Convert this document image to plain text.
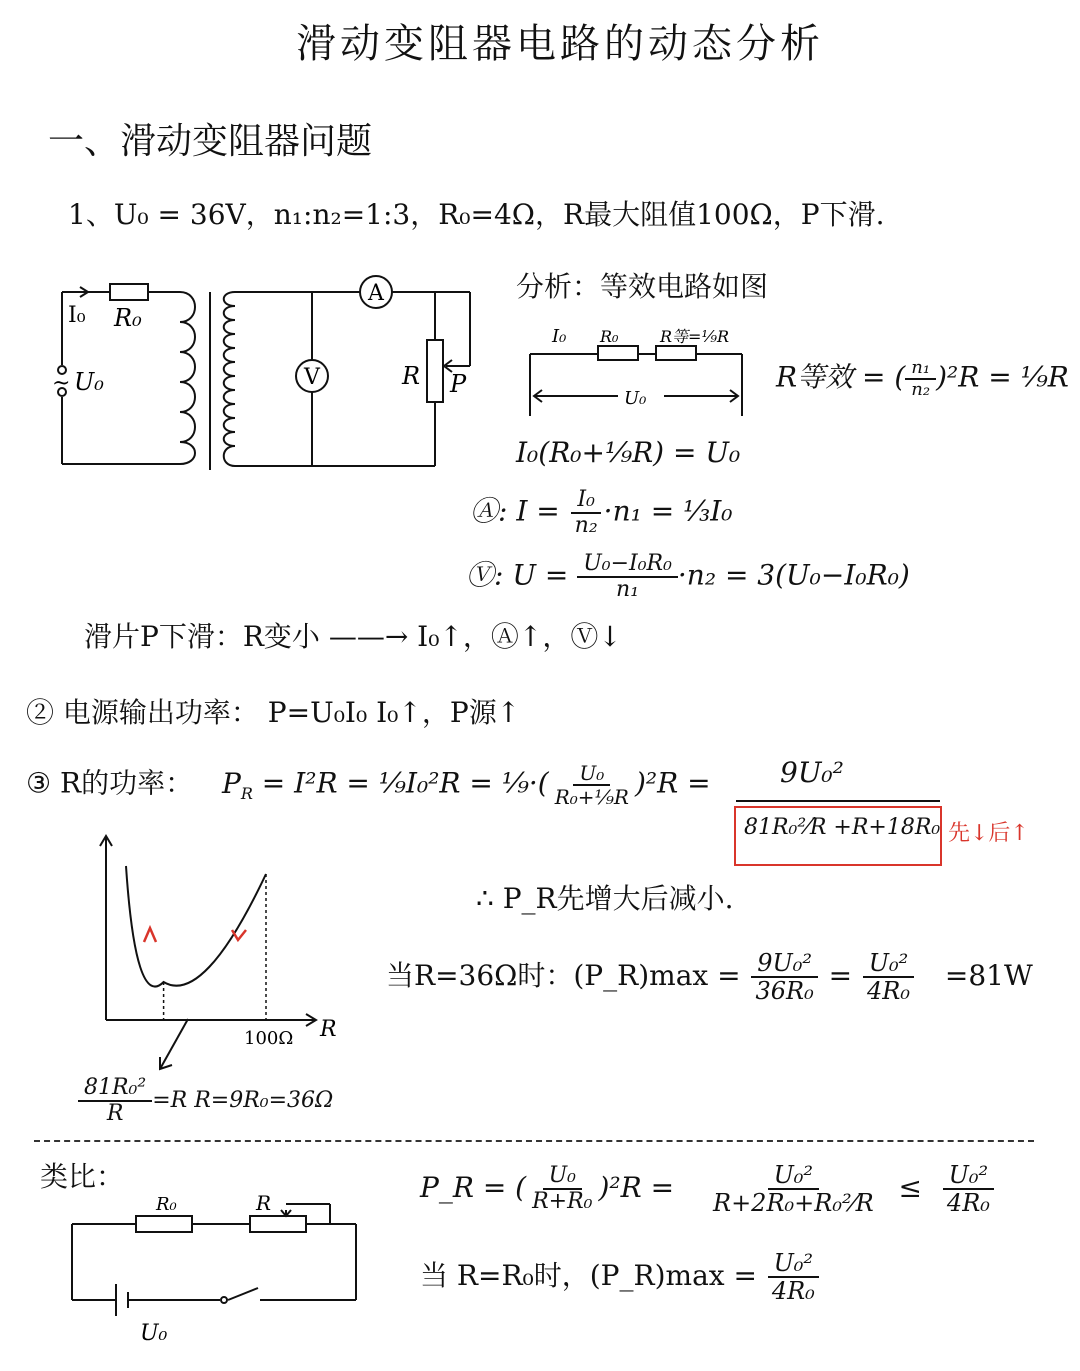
滑动变阻器电路的动态分析
一、滑动变阻器问题
1、U₀ = 36V，n₁:n₂=1:3，R₀=4Ω，R最大阻值100Ω，P下滑.
I₀ R₀
~ U₀
A
V	R P
分析：等效电路如图
I₀ R₀	R等=¹⁄₉R
U₀
R等效 = ( $\frac{\text{n₁}}{\text{n₂}} )^2R$ = ¹⁄₉R
I₀(R₀+¹⁄₉R) = U₀
Ⓐ: $I = \frac{\text{I₀}}{\text{n₂}} \cdot n_1$ = ⅓I₀
Ⓥ: $U = \frac{\text{U₀−I₀R₀}}{\text{n₁}} \cdot n_2 = 3(U_0-I_0R_0)$
滑片P下滑：R变小 ——→ I₀↑，Ⓐ↑，Ⓥ↓
② 电源输出功率： P=U₀I₀ I₀↑，P源↑
③ R的功率： $P_R = I^2R$ = ¹⁄₉I₀²R = ¹⁄₉·( $\frac{\text{U₀}}{\text{R₀+¹⁄₉R}} )^2R = 9U_0^2$
81R₀²⁄R +R+18R₀ 先↓后↑
R
100Ω
$\frac{\text{81R₀²}}{R} =R$ R=9R₀=36Ω
∴ P_R先增大后减小.
当R=36Ω时：(P_R)max = $\frac{\text{9U₀²}}{\text{36R₀}} = \frac{\text{U₀²}}{\text{4R₀}} =81W$
类比：
R₀	R
U₀
P_R = ( $\frac{\text{U₀}}{\text{R+R₀}} )^2R = \frac{\text{U₀²}}{\text{R+2R₀+R₀²⁄R}} \le \frac{\text{U₀²}}{\text{4R₀}}$
当 R=R₀时，(P_R)max = $\frac{\text{U₀²}}{\text{4R₀}}$
